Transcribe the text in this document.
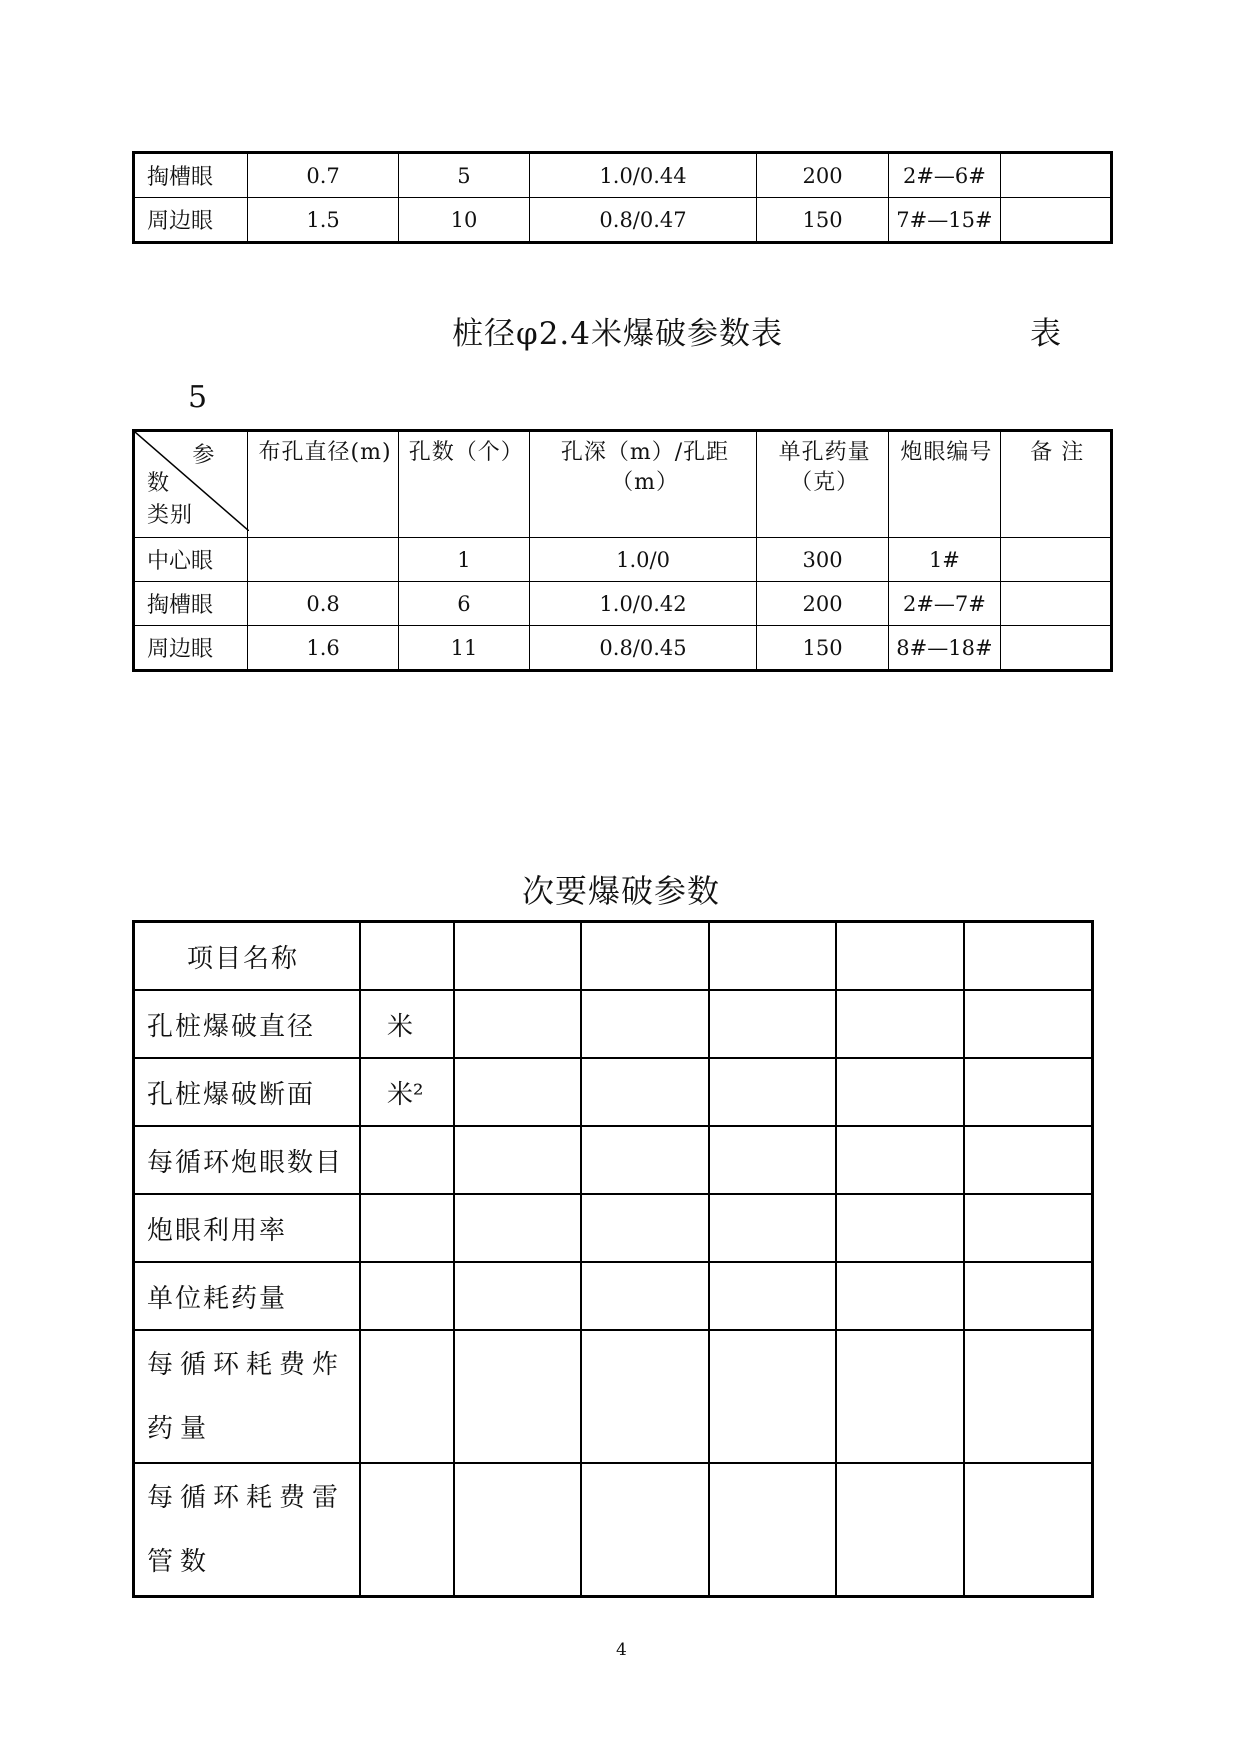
掏槽眼	0.7	5	1.0/0.44	200	2#—6#	
周边眼	1.5	10	0.8/0.47	150	7#—15#	
桩径φ2.4米爆破参数表	表
5
参
数
类别	布孔直径(m)	孔数（个）	孔深（m）/孔距（m）	单孔药量（克）	炮眼编号	备 注
中心眼		1	1.0/0	300	1#	
掏槽眼	0.8	6	1.0/0.42	200	2#—7#	
周边眼	1.6	11	0.8/0.45	150	8#—18#	
次要爆破参数
项目名称						
孔桩爆破直径	米					
孔桩爆破断面	米²					
每循环炮眼数目						
炮眼利用率						
单位耗药量						
每循环耗费炸药量						
每循环耗费雷管数						
4
